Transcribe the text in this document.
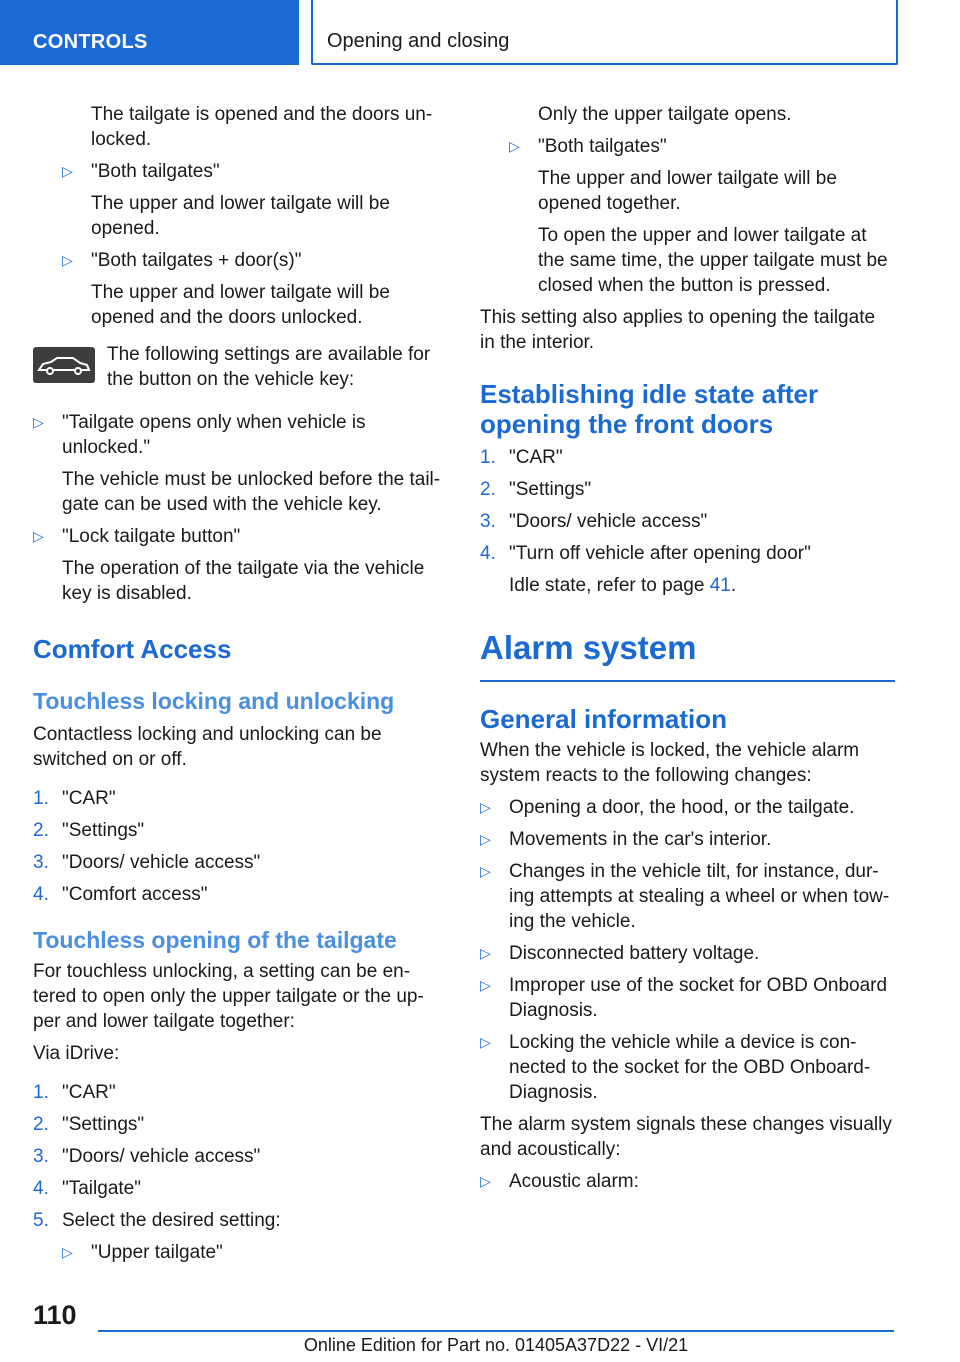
CONTROLS	Opening and closing

The tailgate is opened and the doors un-locked.

▷ "Both tailgates"
The upper and lower tailgate will be opened.
▷ "Both tailgates + door(s)"
The upper and lower tailgate will be opened and the doors unlocked.
The following settings are available for the button on the vehicle key:
▷ "Tailgate opens only when vehicle is unlocked."
The vehicle must be unlocked before the tail-gate can be used with the vehicle key.
▷ "Lock tailgate button"
The operation of the tailgate via the vehicle key is disabled.
Comfort Access
Touchless locking and unlocking

Contactless locking and unlocking can be switched on or off.

1. "CAR"
2. "Settings"
3. "Doors/ vehicle access"
4. "Comfort access"
Touchless opening of the tailgate

For touchless unlocking, a setting can be en-tered to open only the upper tailgate or the up-per and lower tailgate together:

Via iDrive:

1. "CAR"
2. "Settings"
3. "Doors/ vehicle access"
4. "Tailgate"
5. Select the desired setting:
▷ "Upper tailgate"

Only the upper tailgate opens.

▷ "Both tailgates"
The upper and lower tailgate will be opened together.
To open the upper and lower tailgate at the same time, the upper tailgate must be closed when the button is pressed.

This setting also applies to opening the tailgate in the interior.

Establishing idle state after opening the front doors
1. "CAR"
2. "Settings"
3. "Doors/ vehicle access"
4. "Turn off vehicle after opening door"
Idle state, refer to page 41.
Alarm system
General information

When the vehicle is locked, the vehicle alarm system reacts to the following changes:

▷ Opening a door, the hood, or the tailgate.
▷ Movements in the car's interior.
▷ Changes in the vehicle tilt, for instance, dur-ing attempts at stealing a wheel or when tow-ing the vehicle.
▷ Disconnected battery voltage.
▷ Improper use of the socket for OBD Onboard Diagnosis.
▷ Locking the vehicle while a device is con-nected to the socket for the OBD Onboard-Diagnosis.

The alarm system signals these changes visually and acoustically:

▷ Acoustic alarm:
110
Online Edition for Part no. 01405A37D22 - VI/21
